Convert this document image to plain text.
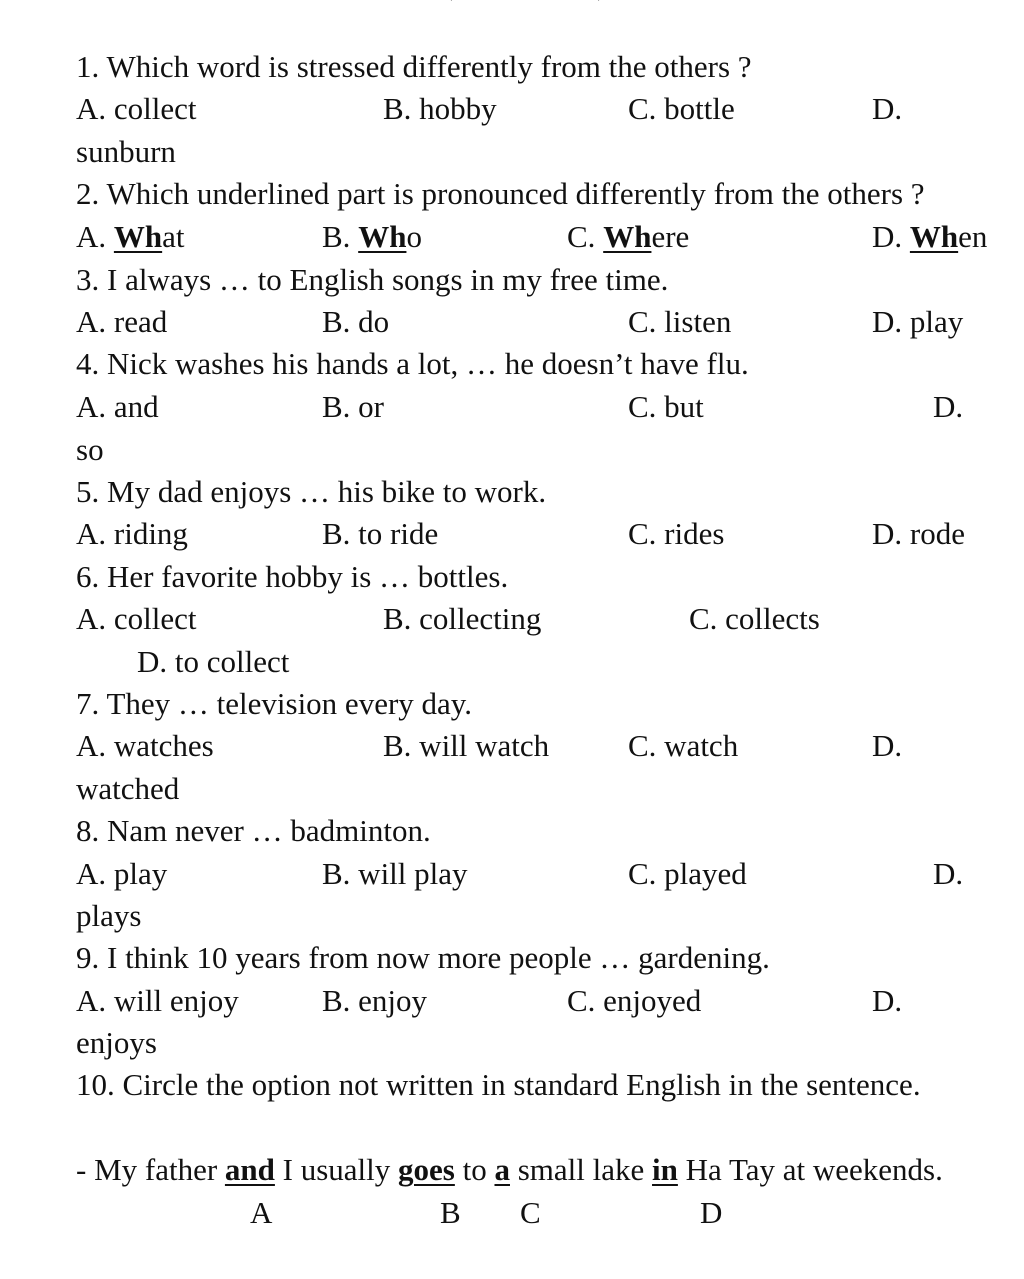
1. Which word is stressed differently from the others ?
A. collect	B. hobby	C. bottle	D.
sunburn
2. Which underlined part is pronounced differently from the others ?
A. What	B. Who	C. Where	D. When
3. I always … to English songs in my free time.
A. read	B. do	C. listen	D. play
4. Nick washes his hands a lot, … he doesn’t have flu.
A. and	B. or	C. but	D.
so
5. My dad enjoys … his bike to work.
A. riding	B. to ride	C. rides	D. rode
6. Her favorite hobby is … bottles.
A. collect	B. collecting	C. collects
D. to collect
7. They … television every day.
A. watches	B. will watch	C. watch	D.
watched
8. Nam never … badminton.
A. play	B. will play	C. played	D.
plays
9. I think 10 years from now more people … gardening.
A. will enjoy	B. enjoy	C. enjoyed	D.
enjoys
10. Circle the option not written in standard English in the sentence.
- My father and I usually goes to a small lake in Ha Tay at weekends.
A	B C	D
